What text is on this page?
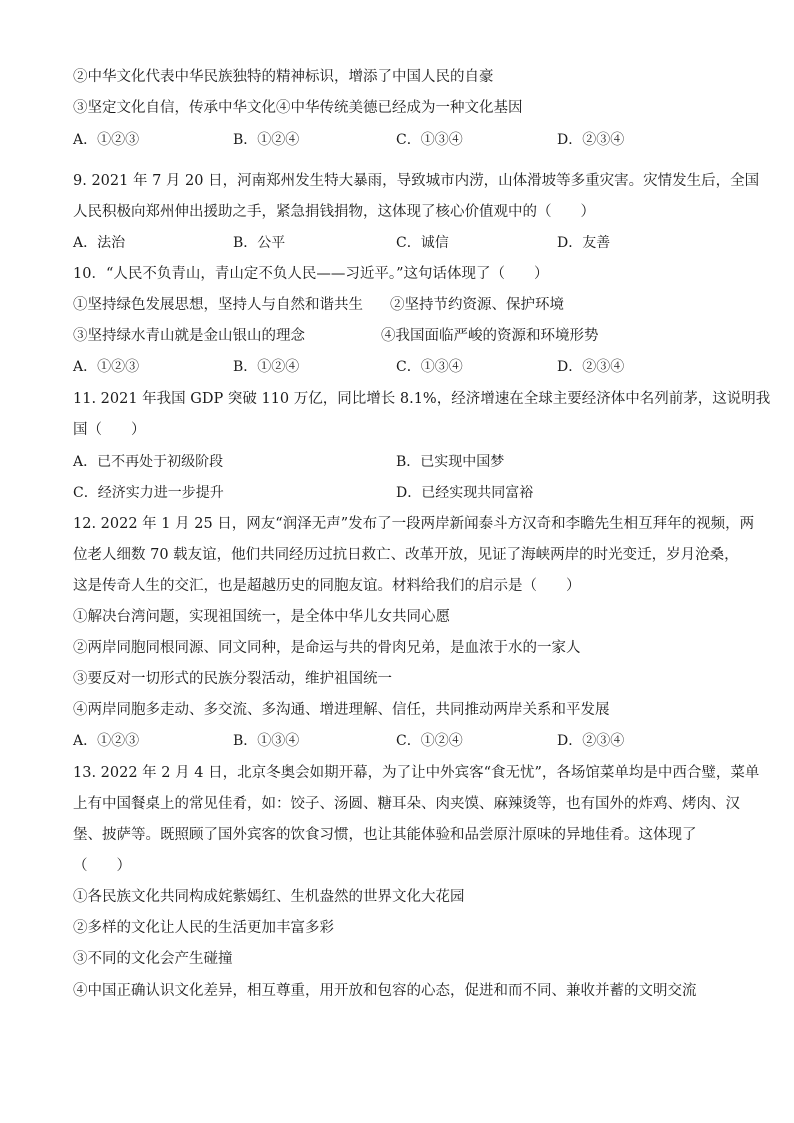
②中华文化代表中华民族独特的精神标识，增添了中国人民的自豪
③坚定文化自信，传承中华文化④中华传统美德已经成为一种文化基因
A．①②③	B．①②④	C．①③④	D．②③④
9. 2021 年 7 月 20 日，河南郑州发生特大暴雨，导致城市内涝，山体滑坡等多重灾害。灾情发生后，全国
人民积极向郑州伸出援助之手，紧急捐钱捐物，这体现了核心价值观中的（　　）
A．法治	B．公平	C．诚信	D．友善
10．“人民不负青山，青山定不负人民——习近平。”这句话体现了（　　）
①坚持绿色发展思想，坚持人与自然和谐共生 ②坚持节约资源、保护环境
③坚持绿水青山就是金山银山的理念	④我国面临严峻的资源和环境形势
A．①②③	B．①②④	C．①③④	D．②③④
11. 2021 年我国 GDP 突破 110 万亿，同比增长 8.1%，经济增速在全球主要经济体中名列前茅，这说明我
国（　　）
A．已不再处于初级阶段	B．已实现中国梦
C．经济实力进一步提升	D．已经实现共同富裕
12. 2022 年 1 月 25 日，网友“润泽无声”发布了一段两岸新闻泰斗方汉奇和李瞻先生相互拜年的视频，两
位老人细数 70 载友谊，他们共同经历过抗日救亡、改革开放，见证了海峡两岸的时光变迁，岁月沧桑，
这是传奇人生的交汇，也是超越历史的同胞友谊。材料给我们的启示是（　　）
①解决台湾问题，实现祖国统一，是全体中华儿女共同心愿
②两岸同胞同根同源、同文同种，是命运与共的骨肉兄弟，是血浓于水的一家人
③要反对一切形式的民族分裂活动，维护祖国统一
④两岸同胞多走动、多交流、多沟通、增进理解、信任，共同推动两岸关系和平发展
A．①②③	B．①③④	C．①②④	D．②③④
13. 2022 年 2 月 4 日，北京冬奥会如期开幕，为了让中外宾客“食无忧”，各场馆菜单均是中西合璧，菜单
上有中国餐桌上的常见佳肴，如：饺子、汤圆、糖耳朵、肉夹馍、麻辣烫等，也有国外的炸鸡、烤肉、汉
堡、披萨等。既照顾了国外宾客的饮食习惯，也让其能体验和品尝原汁原味的异地佳肴。这体现了
（　　）
①各民族文化共同构成姹紫嫣红、生机盎然的世界文化大花园
②多样的文化让人民的生活更加丰富多彩
③不同的文化会产生碰撞
④中国正确认识文化差异，相互尊重，用开放和包容的心态，促进和而不同、兼收并蓄的文明交流
